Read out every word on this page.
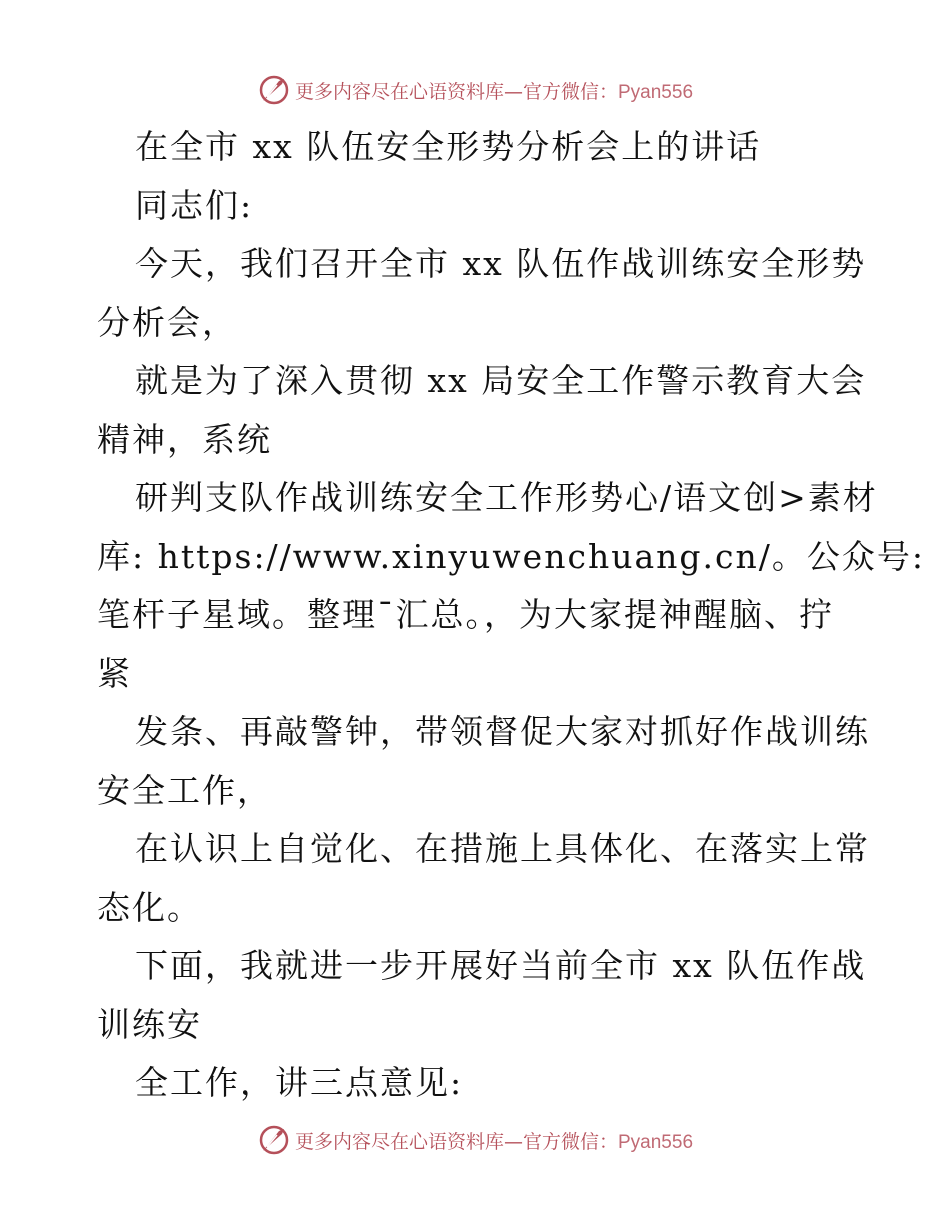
更多内容尽在心语资料库—官方微信：Pyan556
在全市 xx 队伍安全形势分析会上的讲话
同志们:
今天，我们召开全市 xx 队伍作战训练安全形势
分析会，
就是为了深入贯彻 xx 局安全工作警示教育大会
精神，系统
研判支队作战训练安全工作形势心/语文创>素材
库: https://www.xinyuwenchuang.cn/。公众号:
笔杆子星域。整理¯汇总。，为大家提神醒脑、拧
紧
发条、再敲警钟，带领督促大家对抓好作战训练
安全工作，
在认识上自觉化、在措施上具体化、在落实上常
态化。
下面，我就进一步开展好当前全市 xx 队伍作战
训练安
全工作，讲三点意见:
更多内容尽在心语资料库—官方微信：Pyan556
